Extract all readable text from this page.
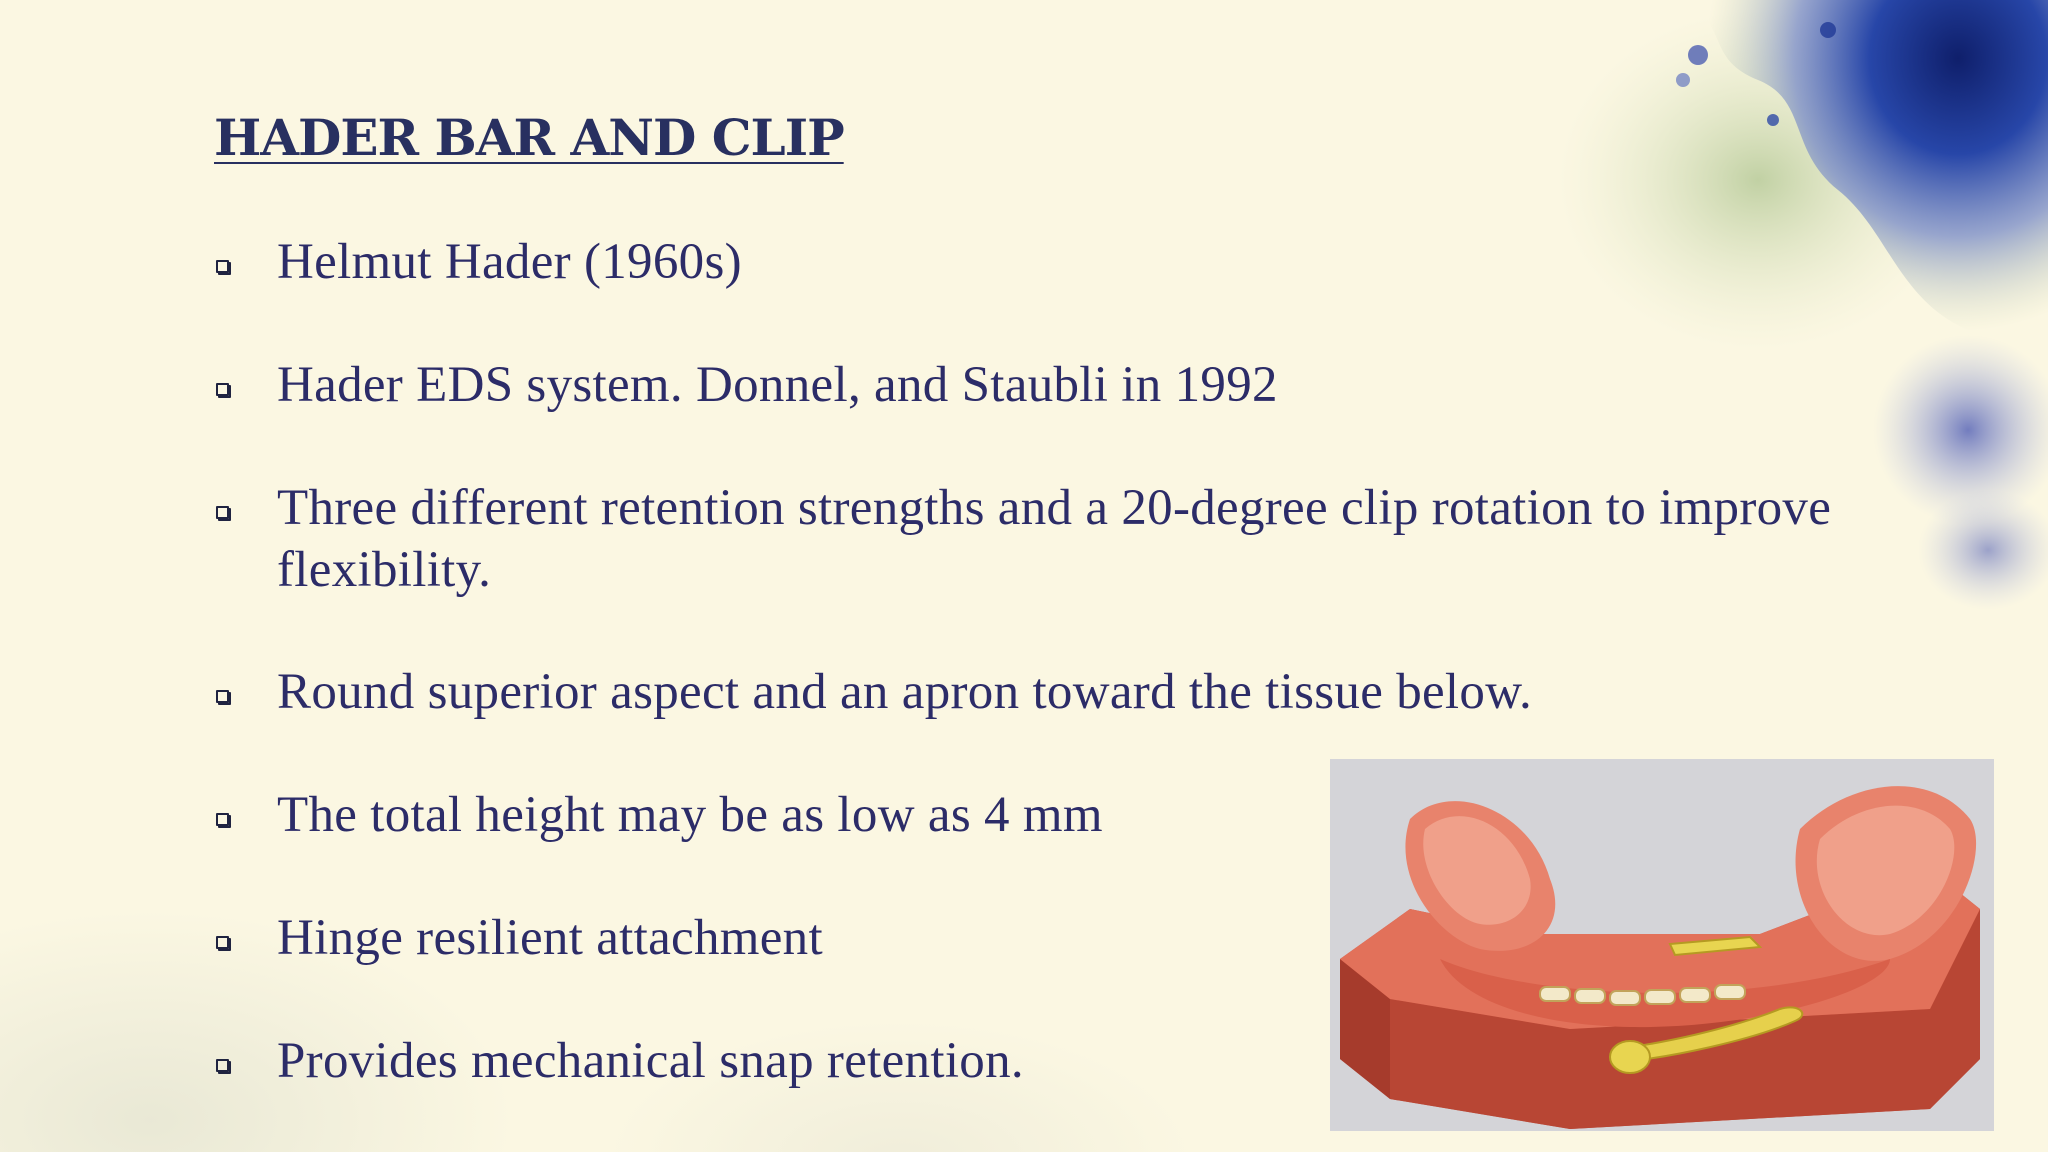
HADER BAR AND CLIP
Helmut Hader (1960s)
Hader EDS system. Donnel, and Staubli in 1992
Three different retention strengths and a 20-degree clip rotation to improve flexibility.
Round superior aspect and an apron toward the tissue below.
The total height may be as low as 4 mm
Hinge resilient attachment
Provides mechanical snap retention.
